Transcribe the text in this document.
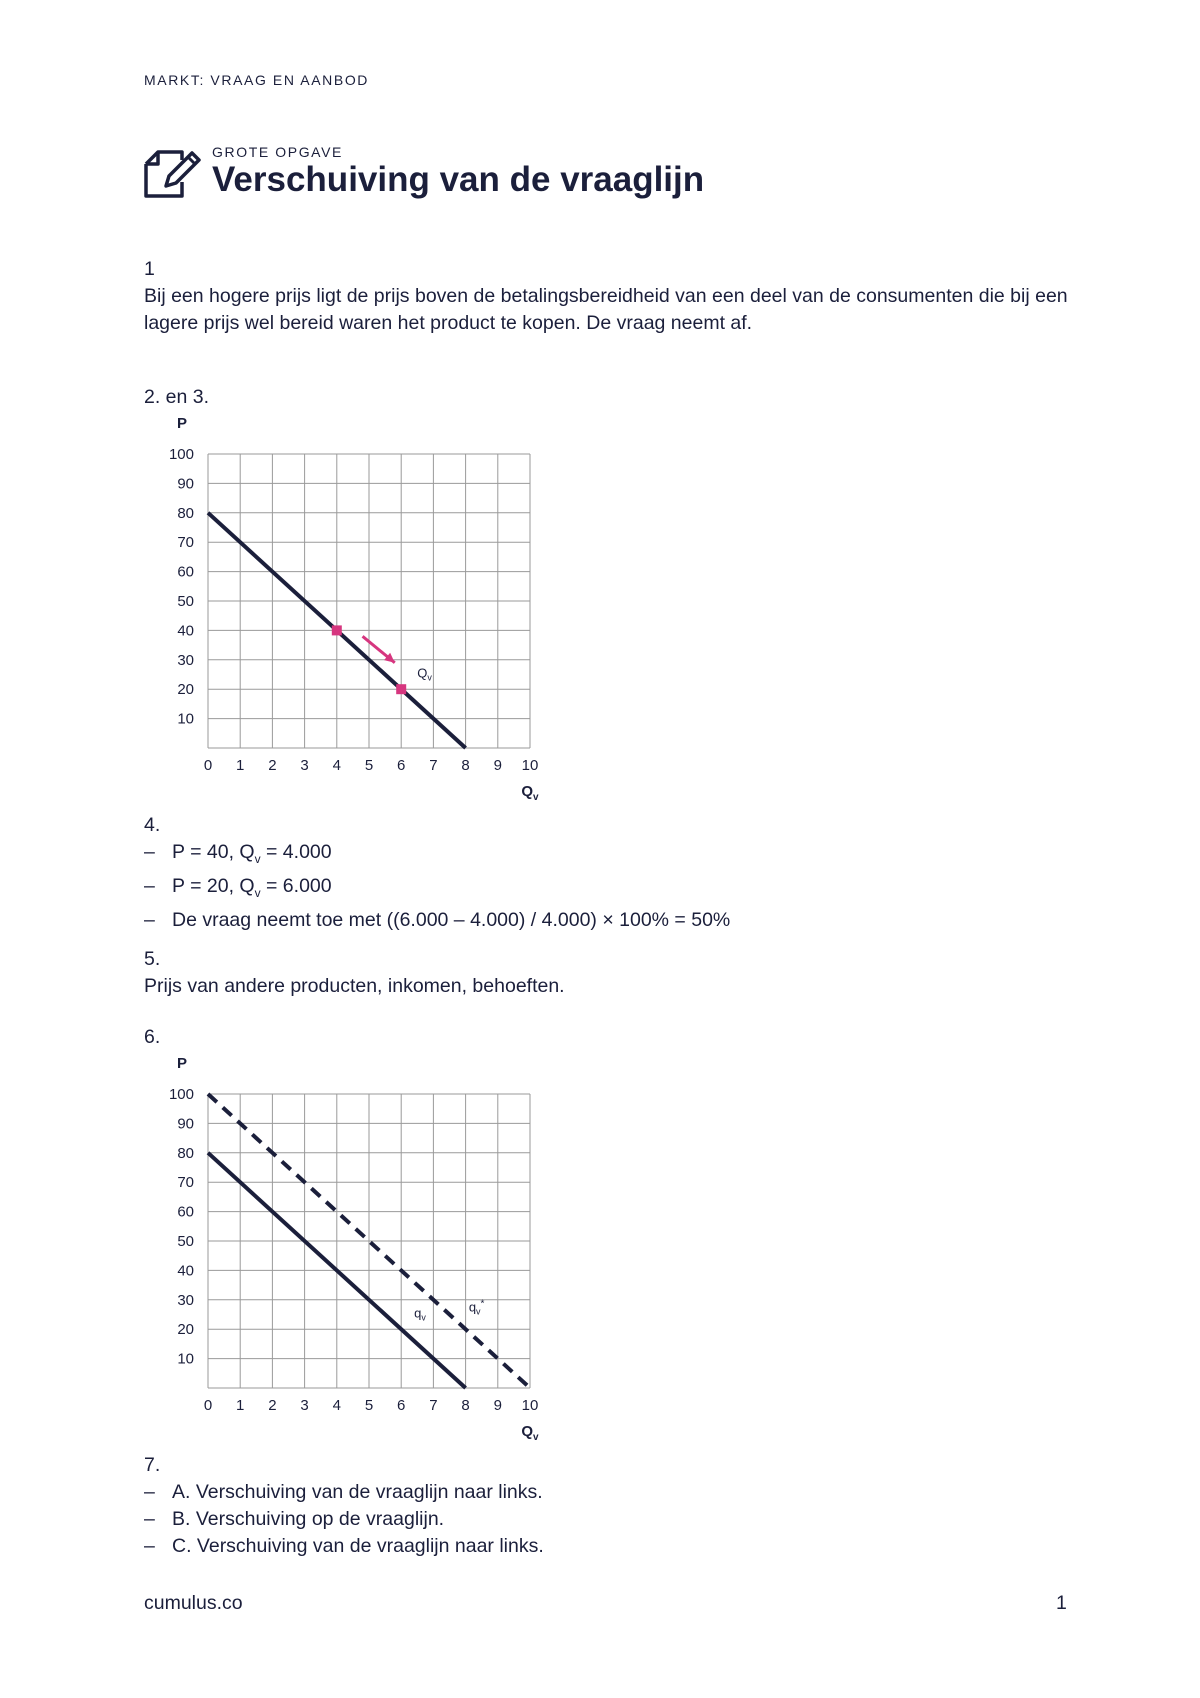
MARKT: VRAAG EN AANBOD
GROTE OPGAVE
Verschuiving van de vraaglijn
1
Bij een hogere prijs ligt de prijs boven de betalingsbereidheid van een deel van de consumenten die bij een lagere prijs wel bereid waren het product te kopen. De vraag neemt af.
2. en 3.
0 1 2 3 4 5 6 7 8 9 10
10
20
30
40
50
60
70
80
90
100
P
$Q_v$
$Q_v$
4.
– P = 40, $Q_v = 4.000$
– P = 20, $Q_v = 6.000$
– De vraag neemt toe met ((6.000 – 4.000) / 4.000) × 100% = 50%
5.
Prijs van andere producten, inkomen, behoeften.
6.
0 1 2 3 4 5 6 7 8 9 10
10
20
30
40
50
60
70
80
90
100
P
$Q_v$
$q_v$
$q_v^*$
7.
– A. Verschuiving van de vraaglijn naar links.
– B. Verschuiving op de vraaglijn.
– C. Verschuiving van de vraaglijn naar links.
cumulus.co	1
